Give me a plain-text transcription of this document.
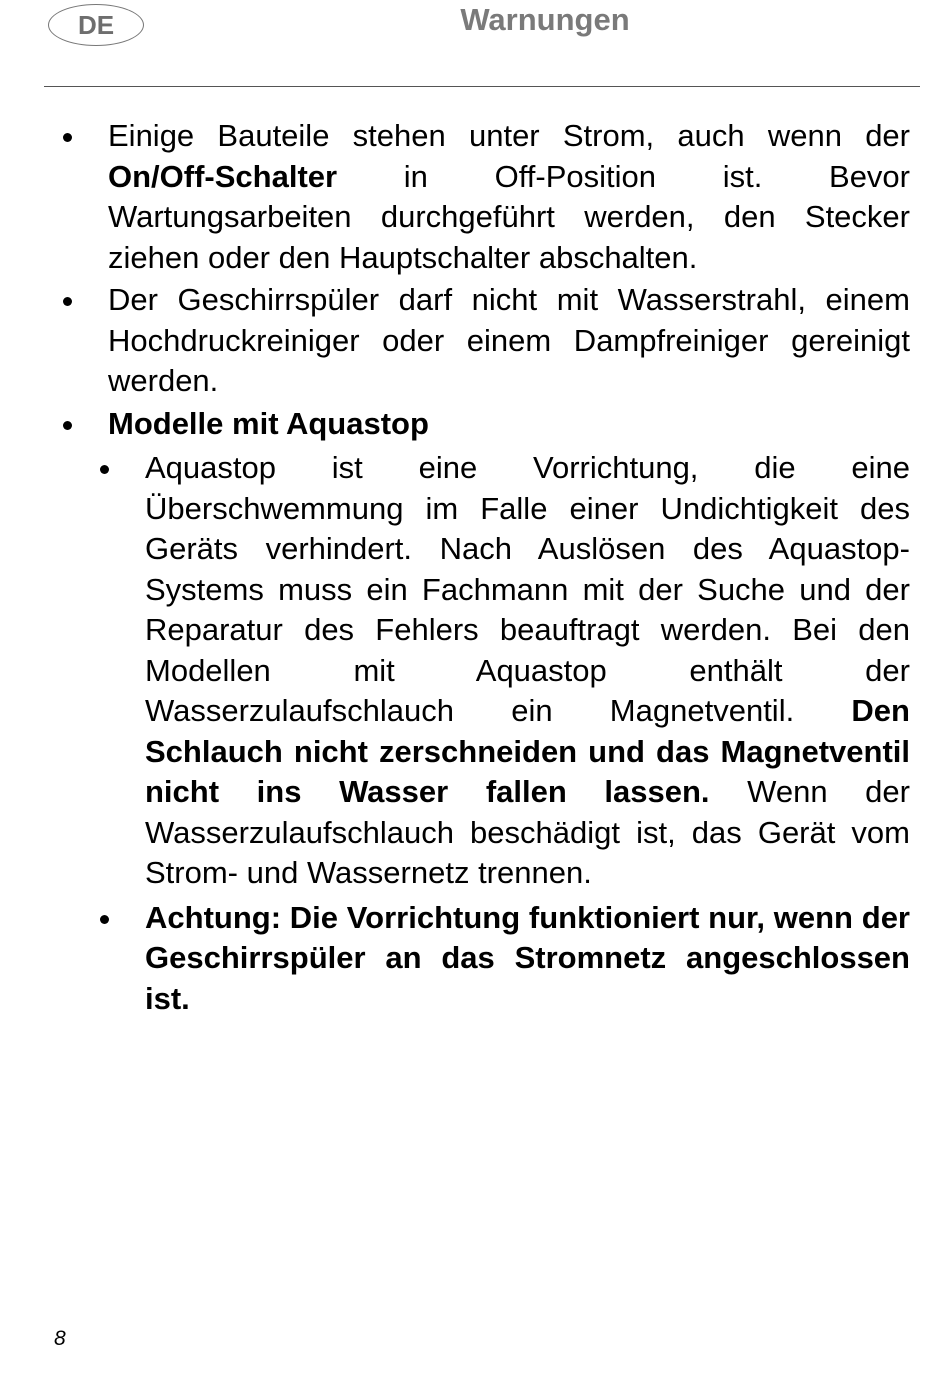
DE	Warnungen
Einige Bauteile stehen unter Strom, auch wenn der On/Off-Schalter in Off-Position ist. Bevor Wartungsarbeiten durchgeführt werden, den Stecker ziehen oder den Hauptschalter abschalten.
Der Geschirrspüler darf nicht mit Wasserstrahl, einem Hochdruckreiniger oder einem Dampfreiniger gereinigt werden.
Modelle mit Aquastop
Aquastop ist eine Vorrichtung, die eine Überschwemmung im Falle einer Undichtigkeit des Geräts verhindert. Nach Auslösen des Aquastop-Systems muss ein Fachmann mit der Suche und der Reparatur des Fehlers beauftragt werden. Bei den Modellen mit Aquastop enthält der Wasserzulaufschlauch ein Magnetventil. Den Schlauch nicht zerschneiden und das Magnetventil nicht ins Wasser fallen lassen. Wenn der Wasserzulaufschlauch beschädigt ist, das Gerät vom Strom- und Wassernetz trennen.
Achtung: Die Vorrichtung funktioniert nur, wenn der Geschirrspüler an das Stromnetz angeschlossen ist.
8
